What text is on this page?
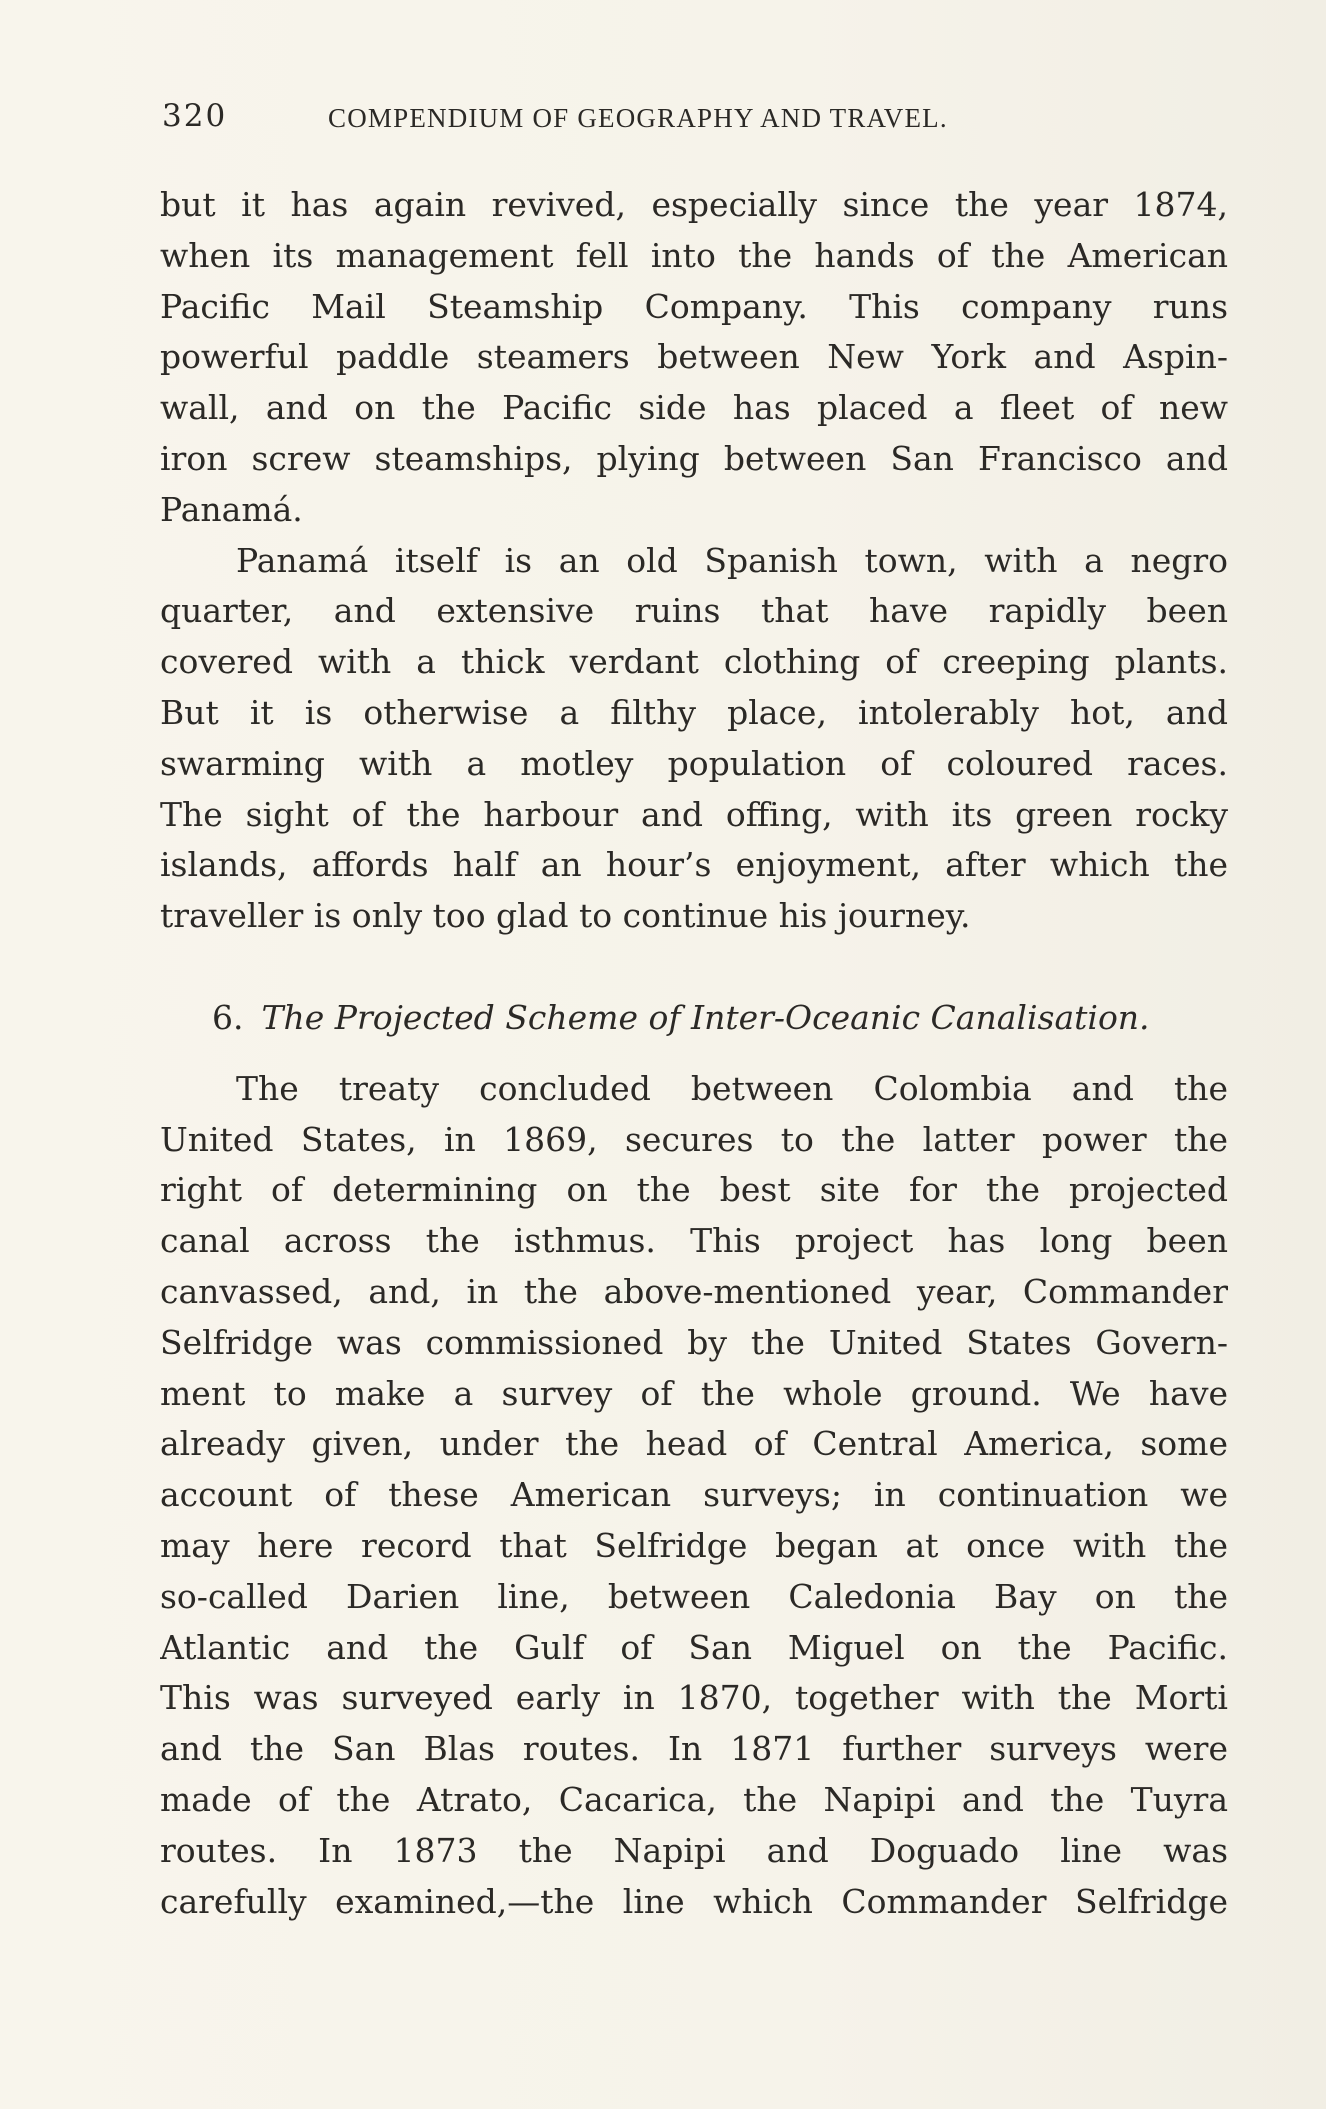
320	COMPENDIUM OF GEOGRAPHY AND TRAVEL.
but it has again revived, especially since the year 1874,
when its management fell into the hands of the American
Pacific Mail Steamship Company. This company runs
powerful paddle steamers between New York and Aspin-
wall, and on the Pacific side has placed a fleet of new
iron screw steamships, plying between San Francisco and
Panamá.
Panamá itself is an old Spanish town, with a negro
quarter, and extensive ruins that have rapidly been
covered with a thick verdant clothing of creeping plants.
But it is otherwise a filthy place, intolerably hot, and
swarming with a motley population of coloured races.
The sight of the harbour and offing, with its green rocky
islands, affords half an hour’s enjoyment, after which the
traveller is only too glad to continue his journey.
6. The Projected Scheme of Inter-Oceanic Canalisation.
The treaty concluded between Colombia and the
United States, in 1869, secures to the latter power the
right of determining on the best site for the projected
canal across the isthmus. This project has long been
canvassed, and, in the above-mentioned year, Commander
Selfridge was commissioned by the United States Govern-
ment to make a survey of the whole ground. We have
already given, under the head of Central America, some
account of these American surveys; in continuation we
may here record that Selfridge began at once with the
so-called Darien line, between Caledonia Bay on the
Atlantic and the Gulf of San Miguel on the Pacific.
This was surveyed early in 1870, together with the Morti
and the San Blas routes. In 1871 further surveys were
made of the Atrato, Cacarica, the Napipi and the Tuyra
routes. In 1873 the Napipi and Doguado line was
carefully examined,—the line which Commander Selfridge
